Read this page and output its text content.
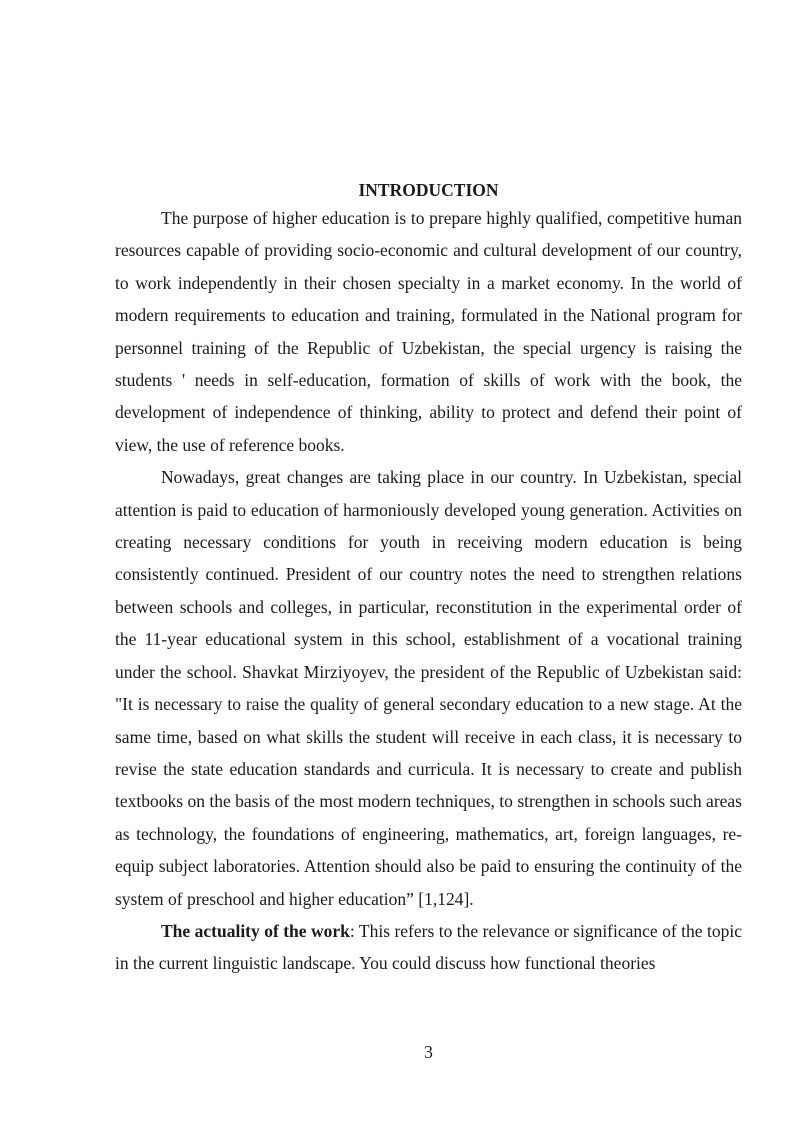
INTRODUCTION

The purpose of higher education is to prepare highly qualified, competitive human resources capable of providing socio-economic and cultural development of our country, to work independently in their chosen specialty in a market economy. In the world of modern requirements to education and training, formulated in the National program for personnel training of the Republic of Uzbekistan, the special urgency is raising the students ' needs in self-education, formation of skills of work with the book, the development of independence of thinking, ability to protect and defend their point of view, the use of reference books.

Nowadays, great changes are taking place in our country. In Uzbekistan, special attention is paid to education of harmoniously developed young generation. Activities on creating necessary conditions for youth in receiving modern education is being consistently continued. President of our country notes the need to strengthen relations between schools and colleges, in particular, reconstitution in the experimental order of the 11-year educational system in this school, establishment of a vocational training under the school. Shavkat Mirziyoyev, the president of the Republic of Uzbekistan said: "It is necessary to raise the quality of general secondary education to a new stage. At the same time, based on what skills the student will receive in each class, it is necessary to revise the state education standards and curricula. It is necessary to create and publish textbooks on the basis of the most modern techniques, to strengthen in schools such areas as technology, the foundations of engineering, mathematics, art, foreign languages, re-equip subject laboratories. Attention should also be paid to ensuring the continuity of the system of preschool and higher education” [1,124].

The actuality of the work: This refers to the relevance or significance of the topic in the current linguistic landscape. You could discuss how functional theories

3
